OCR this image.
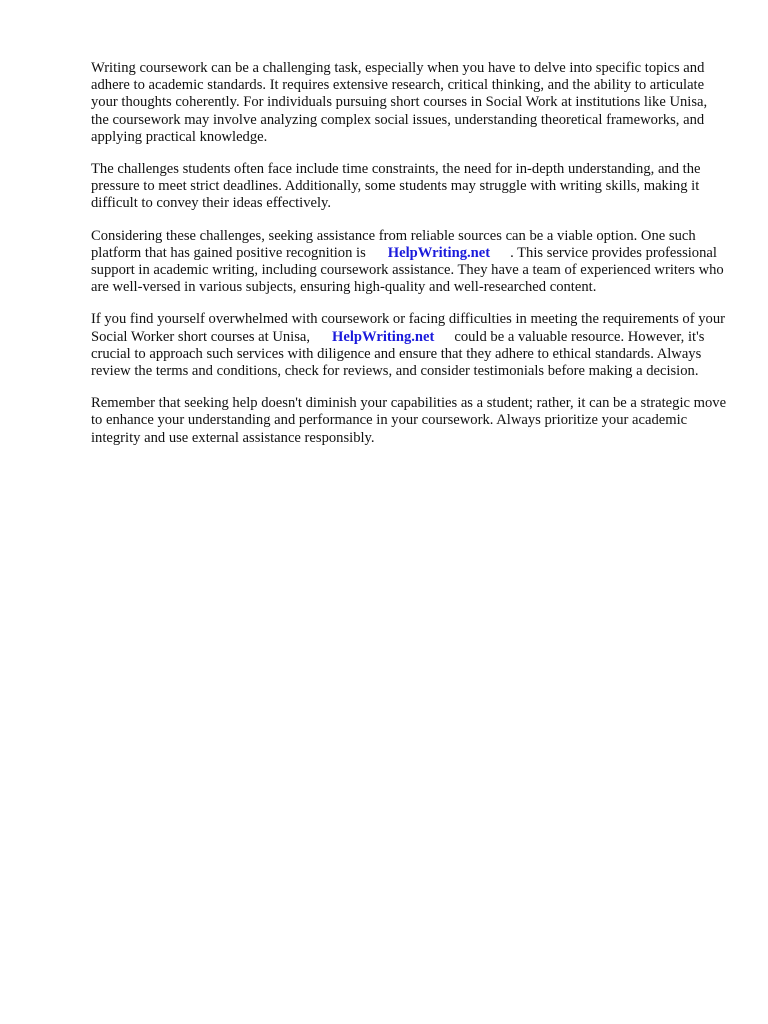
Writing coursework can be a challenging task, especially when you have to delve into specific topics and adhere to academic standards. It requires extensive research, critical thinking, and the ability to articulate your thoughts coherently. For individuals pursuing short courses in Social Work at institutions like Unisa, the coursework may involve analyzing complex social issues, understanding theoretical frameworks, and applying practical knowledge.

The challenges students often face include time constraints, the need for in-depth understanding, and the pressure to meet strict deadlines. Additionally, some students may struggle with writing skills, making it difficult to convey their ideas effectively.

Considering these challenges, seeking assistance from reliable sources can be a viable option. One such platform that has gained positive recognition is HelpWriting.net . This service provides professional support in academic writing, including coursework assistance. They have a team of experienced writers who are well-versed in various subjects, ensuring high-quality and well-researched content.

If you find yourself overwhelmed with coursework or facing difficulties in meeting the requirements of your Social Worker short courses at Unisa, HelpWriting.net could be a valuable resource. However, it's crucial to approach such services with diligence and ensure that they adhere to ethical standards. Always review the terms and conditions, check for reviews, and consider testimonials before making a decision.

Remember that seeking help doesn't diminish your capabilities as a student; rather, it can be a strategic move to enhance your understanding and performance in your coursework. Always prioritize your academic integrity and use external assistance responsibly.
